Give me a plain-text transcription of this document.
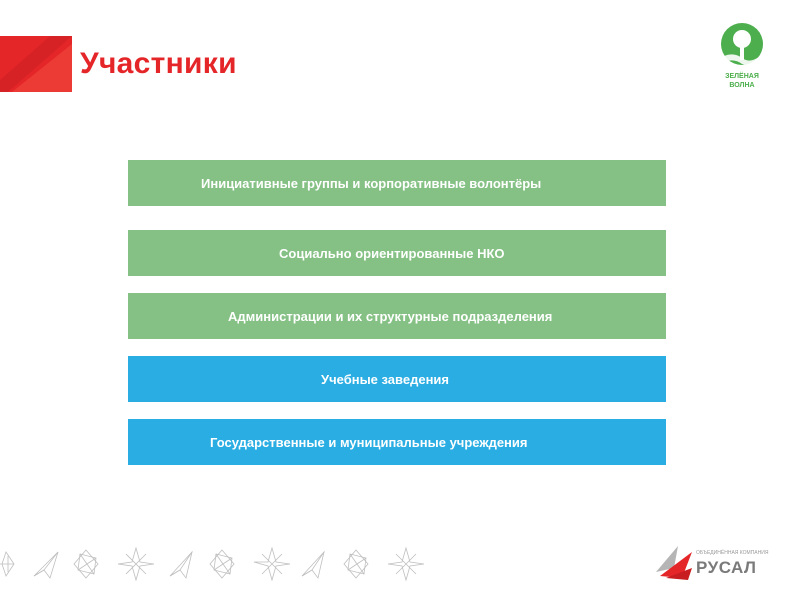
Участники	ЗЕЛЁНАЯ
ВОЛНА
Инициативные группы и корпоративные волонтёры
Социально ориентированные НКО
Администрации и их структурные подразделения
Учебные заведения
Государственные и муниципальные учреждения
ОБЪЕДИНЁННАЯ КОМПАНИЯ
РУСАЛ
